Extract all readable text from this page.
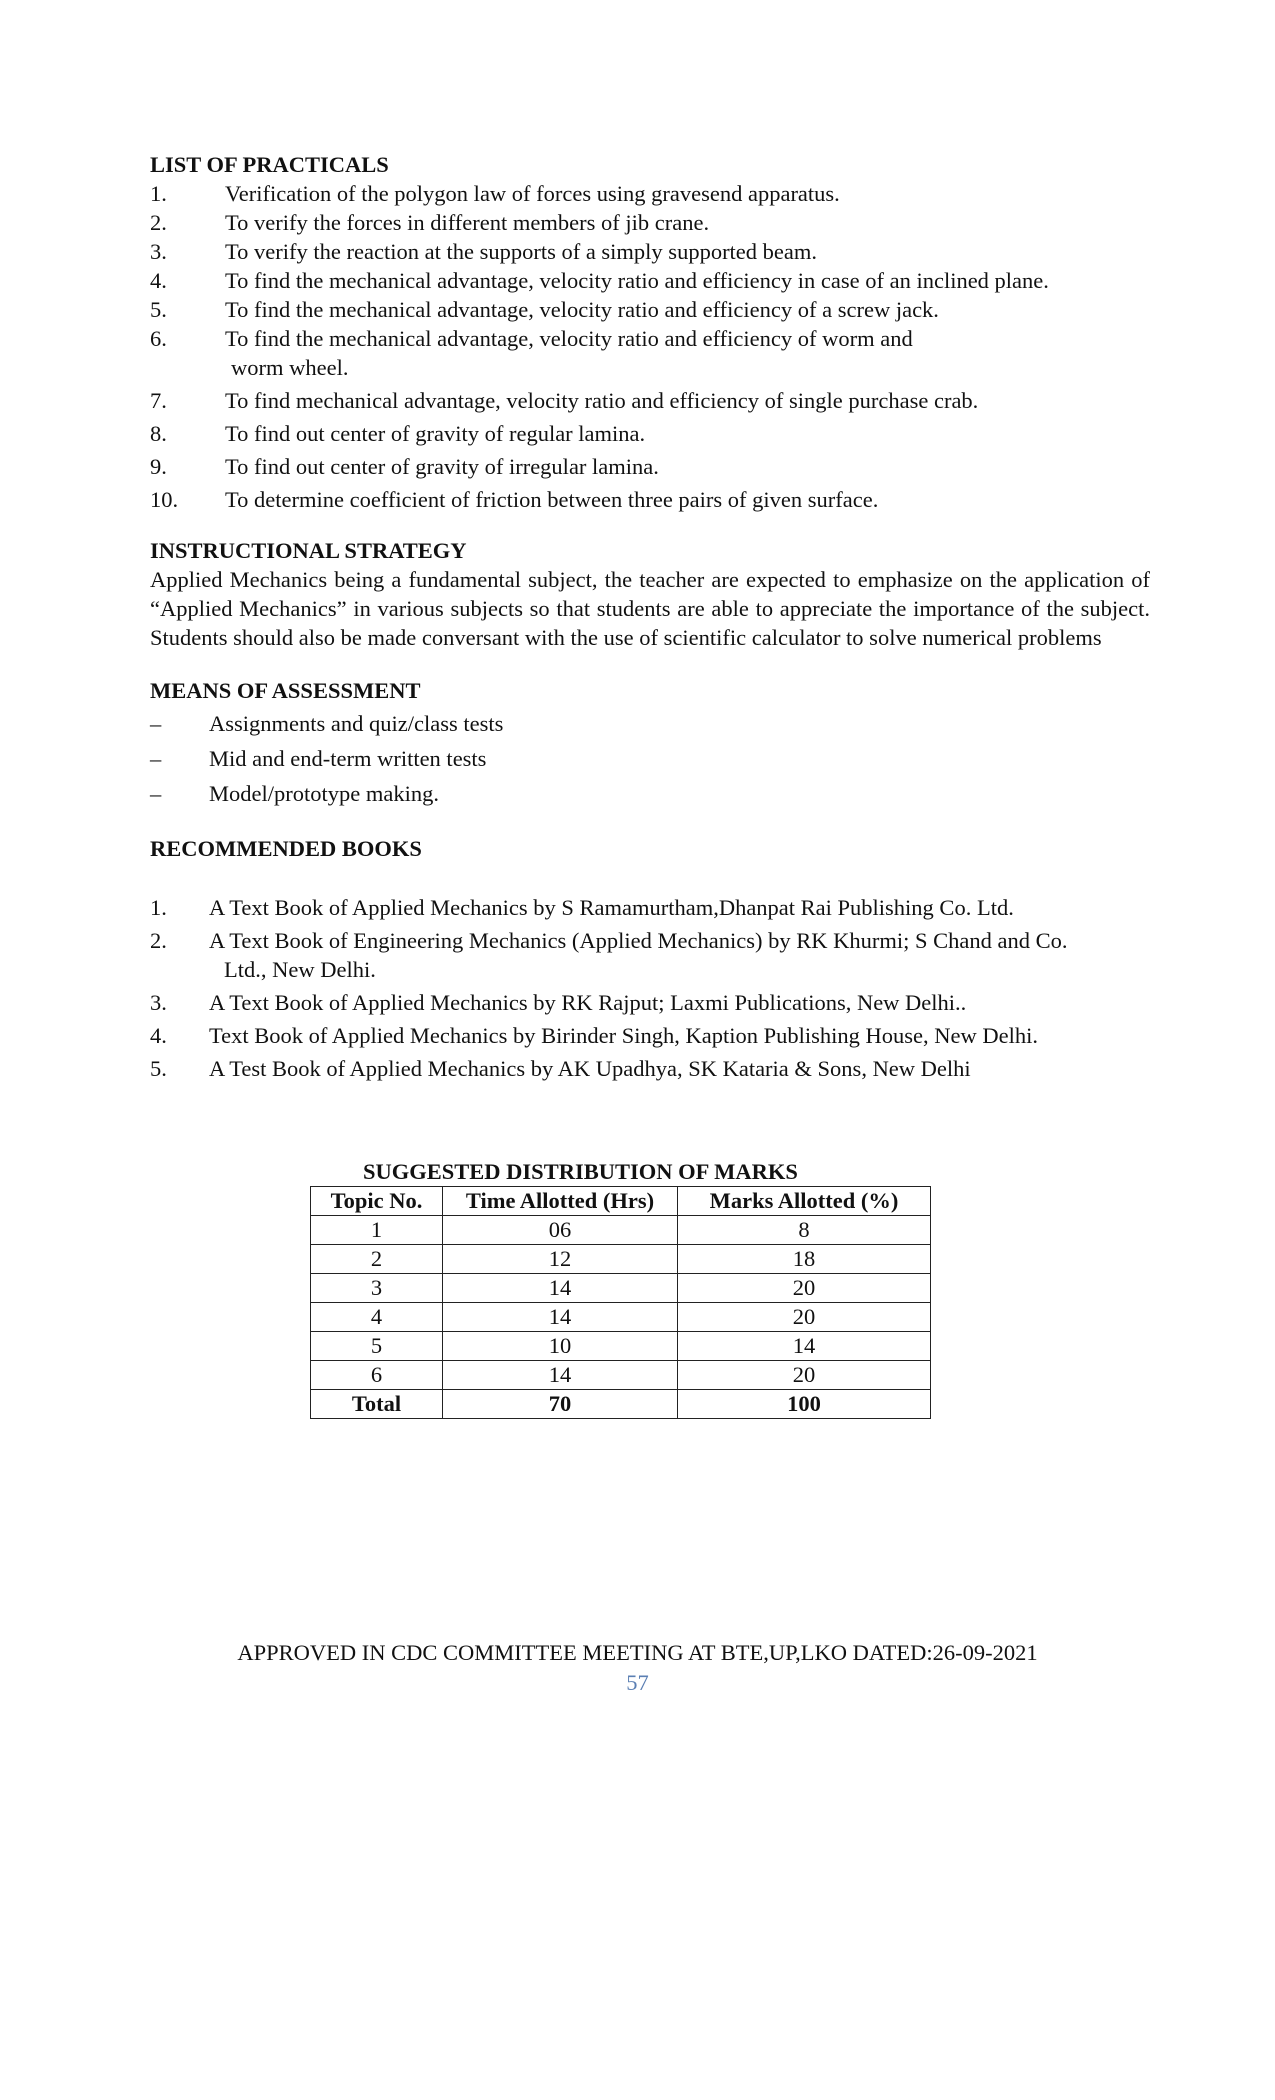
LIST OF PRACTICALS
1.	Verification of the polygon law of forces using gravesend apparatus.
2.	To verify the forces in different members of jib crane.
3.	To verify the reaction at the supports of a simply supported beam.
4.	To find the mechanical advantage, velocity ratio and efficiency in case of an inclined plane.
5.	To find the mechanical advantage, velocity ratio and efficiency of a screw jack.
6.	To find the mechanical advantage, velocity ratio and efficiency of worm and
worm wheel.
7.	To find mechanical advantage, velocity ratio and efficiency of single purchase crab.
8.	To find out center of gravity of regular lamina.
9.	To find out center of gravity of irregular lamina.
10.	To determine coefficient of friction between three pairs of given surface.
INSTRUCTIONAL STRATEGY

Applied Mechanics being a fundamental subject, the teacher are expected to emphasize on the application of “Applied Mechanics” in various subjects so that students are able to appreciate the importance of the subject. Students should also be made conversant with the use of scientific calculator to solve numerical problems

MEANS OF ASSESSMENT
–	Assignments and quiz/class tests
–	Mid and end-term written tests
–	Model/prototype making.
RECOMMENDED BOOKS
1.	A Text Book of Applied Mechanics by S Ramamurtham,Dhanpat Rai Publishing Co. Ltd.
2.	A Text Book of Engineering Mechanics (Applied Mechanics) by RK Khurmi; S Chand and Co.
Ltd., New Delhi.
3.	A Text Book of Applied Mechanics by RK Rajput; Laxmi Publications, New Delhi..
4.	Text Book of Applied Mechanics by Birinder Singh, Kaption Publishing House, New Delhi.
5.	A Test Book of Applied Mechanics by AK Upadhya, SK Kataria & Sons, New Delhi
SUGGESTED DISTRIBUTION OF MARKS
Topic No.	Time Allotted (Hrs)	Marks Allotted (%)
1	06	8
2	12	18
3	14	20
4	14	20
5	10	14
6	14	20
Total	70	100
APPROVED IN CDC COMMITTEE MEETING AT BTE,UP,LKO DATED:26-09-2021
57
